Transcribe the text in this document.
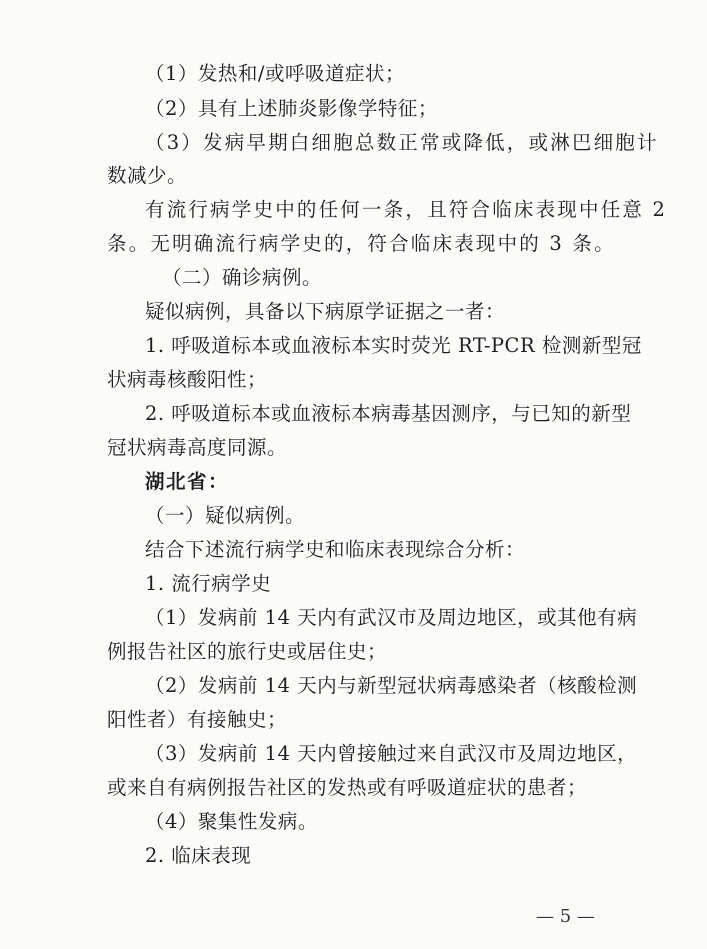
（1）发热和/或呼吸道症状；
（2）具有上述肺炎影像学特征；
（3）发病早期白细胞总数正常或降低，或淋巴细胞计
数减少。
有流行病学史中的任何一条，且符合临床表现中任意 2
条。无明确流行病学史的，符合临床表现中的 3 条。
（二）确诊病例。
疑似病例，具备以下病原学证据之一者：
1. 呼吸道标本或血液标本实时荧光 RT-PCR 检测新型冠
状病毒核酸阳性；
2. 呼吸道标本或血液标本病毒基因测序，与已知的新型
冠状病毒高度同源。
湖北省：
（一）疑似病例。
结合下述流行病学史和临床表现综合分析：
1. 流行病学史
（1）发病前 14 天内有武汉市及周边地区，或其他有病
例报告社区的旅行史或居住史；
（2）发病前 14 天内与新型冠状病毒感染者（核酸检测
阳性者）有接触史；
（3）发病前 14 天内曾接触过来自武汉市及周边地区，
或来自有病例报告社区的发热或有呼吸道症状的患者；
（4）聚集性发病。
2. 临床表现
— 5 —
